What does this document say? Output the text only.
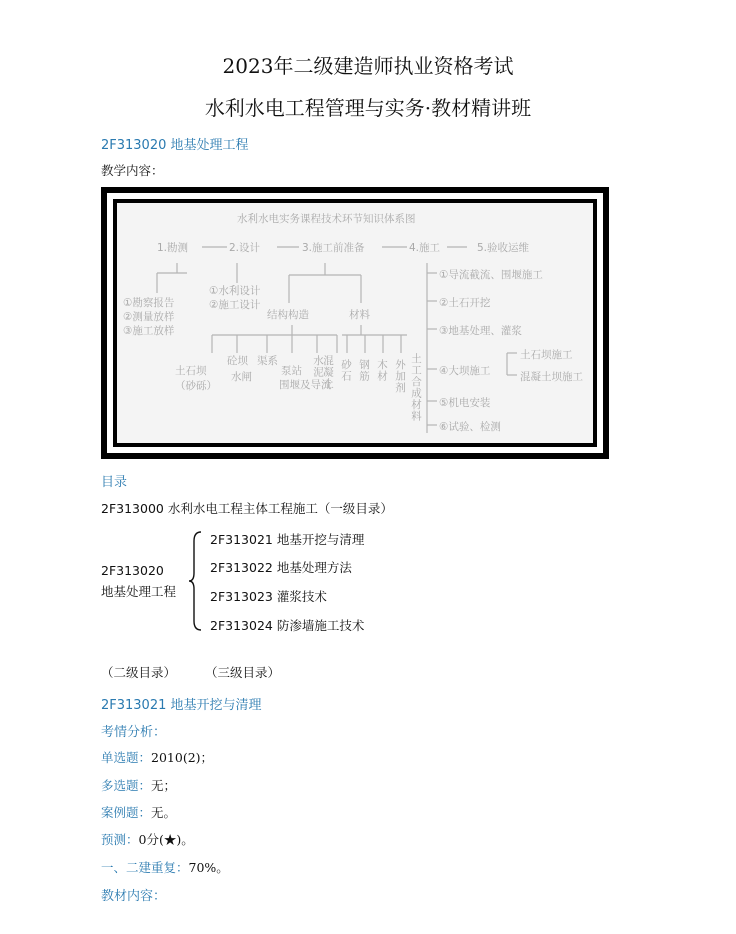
2023年二级建造师执业资格考试
水利水电工程管理与实务·教材精讲班
2F313020 地基处理工程
教学内容：
水利水电实务课程技术环节知识体系图
1.勘测	2.设计	3.施工前准备	4.施工	5.验收运维
①勘察报告
②测量放样
③施工放样
①水利设计
②施工设计
结构构造	材料
土石坝（砂砾）
砼坝
水闸
渠系
泵站
围堰及导流
水泥 砂石 钢筋 木材 外加剂
混凝土	土工合成材料
①导流截流、围堰施工
②土石开挖
③地基处理、灌浆
④大坝施工
⑤机电安装
⑥试验、检测
土石坝施工
混凝土坝施工
目录
2F313000 水利水电工程主体工程施工（一级目录）
2F313020
地基处理工程
2F313021 地基开挖与清理
2F313022 地基处理方法
2F313023 灌浆技术
2F313024 防渗墙施工技术
（二级目录） （三级目录）
2F313021 地基开挖与清理
考情分析：
单选题：2010(2)；
多选题：无；
案例题：无。
预测：0分(★)。
一、二建重复：70%。
教材内容：
